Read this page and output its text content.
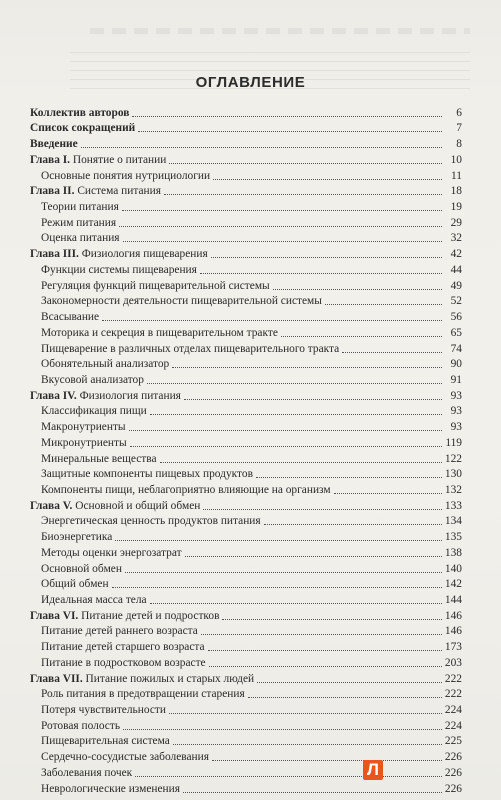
ОГЛАВЛЕНИЕ
Коллектив авторов	6
Список сокращений	7
Введение	8
Глава I. Понятие о питании	10
Основные понятия нутрициологии	11
Глава II. Система питания	18
Теории питания	19
Режим питания	29
Оценка питания	32
Глава III. Физиология пищеварения	42
Функции системы пищеварения	44
Регуляция функций пищеварительной системы	49
Закономерности деятельности пищеварительной системы	52
Всасывание	56
Моторика и секреция в пищеварительном тракте	65
Пищеварение в различных отделах пищеварительного тракта	74
Обонятельный анализатор	90
Вкусовой анализатор	91
Глава IV. Физиология питания	93
Классификация пищи	93
Макронутриенты	93
Микронутриенты	119
Минеральные вещества	122
Защитные компоненты пищевых продуктов	130
Компоненты пищи, неблагоприятно влияющие на организм	132
Глава V. Основной и общий обмен	133
Энергетическая ценность продуктов питания	134
Биоэнергетика	135
Методы оценки энергозатрат	138
Основной обмен	140
Общий обмен	142
Идеальная масса тела	144
Глава VI. Питание детей и подростков	146
Питание детей раннего возраста	146
Питание детей старшего возраста	173
Питание в подростковом возрасте	203
Глава VII. Питание пожилых и старых людей	222
Роль питания в предотвращении старения	222
Потеря чувствительности	224
Ротовая полость	224
Пищеварительная система	225
Сердечно-сосудистые заболевания	226
Заболевания почек	226
Неврологические изменения	226
Л
